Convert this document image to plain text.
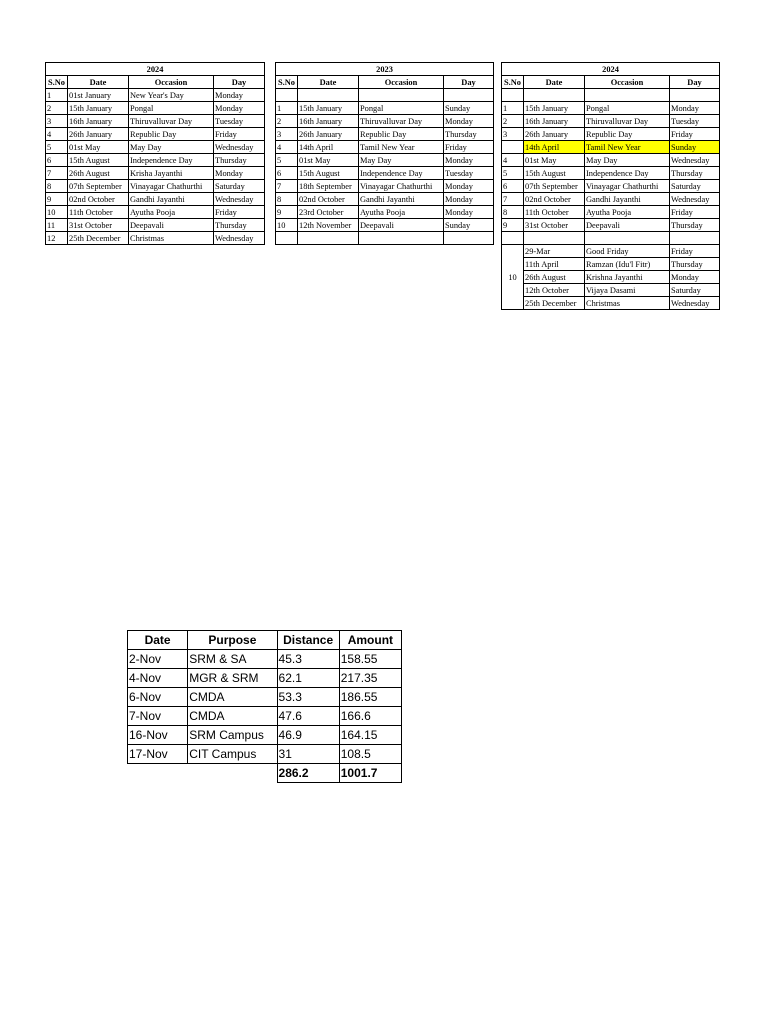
2024			
S.No	Date	Occasion	Day
1	01st January	New Year's Day	Monday
2	15th January	Pongal	Monday
3	16th January	Thiruvalluvar Day	Tuesday
4	26th January	Republic Day	Friday
5	01st May	May Day	Wednesday
6	15th August	Independence Day	Thursday
7	26th August	Krisha Jayanthi	Monday
8	07th September	Vinayagar Chathurthi	Saturday
9	02nd October	Gandhi Jayanthi	Wednesday
10	11th October	Ayutha Pooja	Friday
11	31st October	Deepavali	Thursday
12	25th December	Christmas	Wednesday
2023			
S.No	Date	Occasion	Day

1	15th January	Pongal	Sunday
2	16th January	Thiruvalluvar Day	Monday
3	26th January	Republic Day	Thursday
4	14th April	Tamil New Year	Friday
5	01st May	May Day	Monday
6	15th August	Independence Day	Tuesday
7	18th September	Vinayagar Chathurthi	Monday
8	02nd October	Gandhi Jayanthi	Monday
9	23rd October	Ayutha Pooja	Monday
10	12th November	Deepavali	Sunday

2024			
S.No	Date	Occasion	Day

1	15th January	Pongal	Monday
2	16th January	Thiruvalluvar Day	Tuesday
3	26th January	Republic Day	Friday
	14th April	Tamil New Year	Sunday
4	01st May	May Day	Wednesday
5	15th August	Independence Day	Thursday
6	07th September	Vinayagar Chathurthi	Saturday
7	02nd October	Gandhi Jayanthi	Wednesday
8	11th October	Ayutha Pooja	Friday
9	31st October	Deepavali	Thursday

10	29-Mar	Good Friday	Friday
	11th April	Ramzan (Idu'l Fitr)	Thursday
	26th August	Krishna Jayanthi	Monday
	12th October	Vijaya Dasami	Saturday
	25th December	Christmas	Wednesday
Date	Purpose	Distance	Amount
2-Nov	SRM & SA	45.3	158.55
4-Nov	MGR & SRM	62.1	217.35
6-Nov	CMDA	53.3	186.55
7-Nov	CMDA	47.6	166.6
16-Nov	SRM Campus	46.9	164.15
17-Nov	CIT Campus	31	108.5
		286.2	1001.7
